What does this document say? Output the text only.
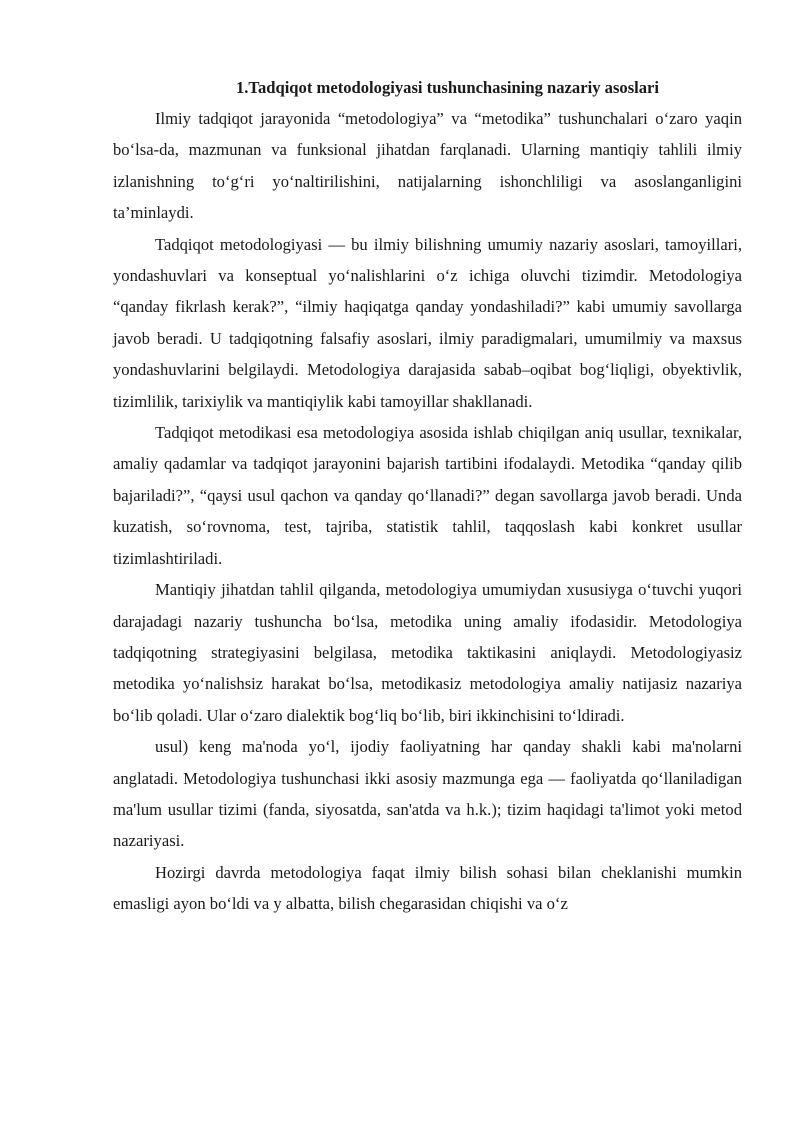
1.Tadqiqot metodologiyasi tushunchasining nazariy asoslari

Ilmiy tadqiqot jarayonida “metodologiya” va “metodika” tushunchalari o‘zaro yaqin bo‘lsa-da, mazmunan va funksional jihatdan farqlanadi. Ularning mantiqiy tahlili ilmiy izlanishning to‘g‘ri yo‘naltirilishini, natijalarning ishonchliligi va asoslanganligini ta’minlaydi.

Tadqiqot metodologiyasi — bu ilmiy bilishning umumiy nazariy asoslari, tamoyillari, yondashuvlari va konseptual yo‘nalishlarini o‘z ichiga oluvchi tizimdir. Metodologiya “qanday fikrlash kerak?”, “ilmiy haqiqatga qanday yondashiladi?” kabi umumiy savollarga javob beradi. U tadqiqotning falsafiy asoslari, ilmiy paradigmalari, umumilmiy va maxsus yondashuvlarini belgilaydi. Metodologiya darajasida sabab–oqibat bog‘liqligi, obyektivlik, tizimlilik, tarixiylik va mantiqiylik kabi tamoyillar shakllanadi.

Tadqiqot metodikasi esa metodologiya asosida ishlab chiqilgan aniq usullar, texnikalar, amaliy qadamlar va tadqiqot jarayonini bajarish tartibini ifodalaydi. Metodika “qanday qilib bajariladi?”, “qaysi usul qachon va qanday qo‘llanadi?” degan savollarga javob beradi. Unda kuzatish, so‘rovnoma, test, tajriba, statistik tahlil, taqqoslash kabi konkret usullar tizimlashtiriladi.

Mantiqiy jihatdan tahlil qilganda, metodologiya umumiydan xususiyga o‘tuvchi yuqori darajadagi nazariy tushuncha bo‘lsa, metodika uning amaliy ifodasidir. Metodologiya tadqiqotning strategiyasini belgilasa, metodika taktikasini aniqlaydi. Metodologiyasiz metodika yo‘nalishsiz harakat bo‘lsa, metodikasiz metodologiya amaliy natijasiz nazariya bo‘lib qoladi. Ular o‘zaro dialektik bog‘liq bo‘lib, biri ikkinchisini to‘ldiradi.

usul) keng ma'noda yo‘l, ijodiy faoliyatning har qanday shakli kabi ma'nolarni anglatadi. Metodologiya tushunchasi ikki asosiy mazmunga ega — faoliyatda qo‘llaniladigan ma'lum usullar tizimi (fanda, siyosatda, san'atda va h.k.); tizim haqidagi ta'limot yoki metod nazariyasi.

Hozirgi davrda metodologiya faqat ilmiy bilish sohasi bilan cheklanishi mumkin emasligi ayon bo‘ldi va y albatta, bilish chegarasidan chiqishi va o‘z
